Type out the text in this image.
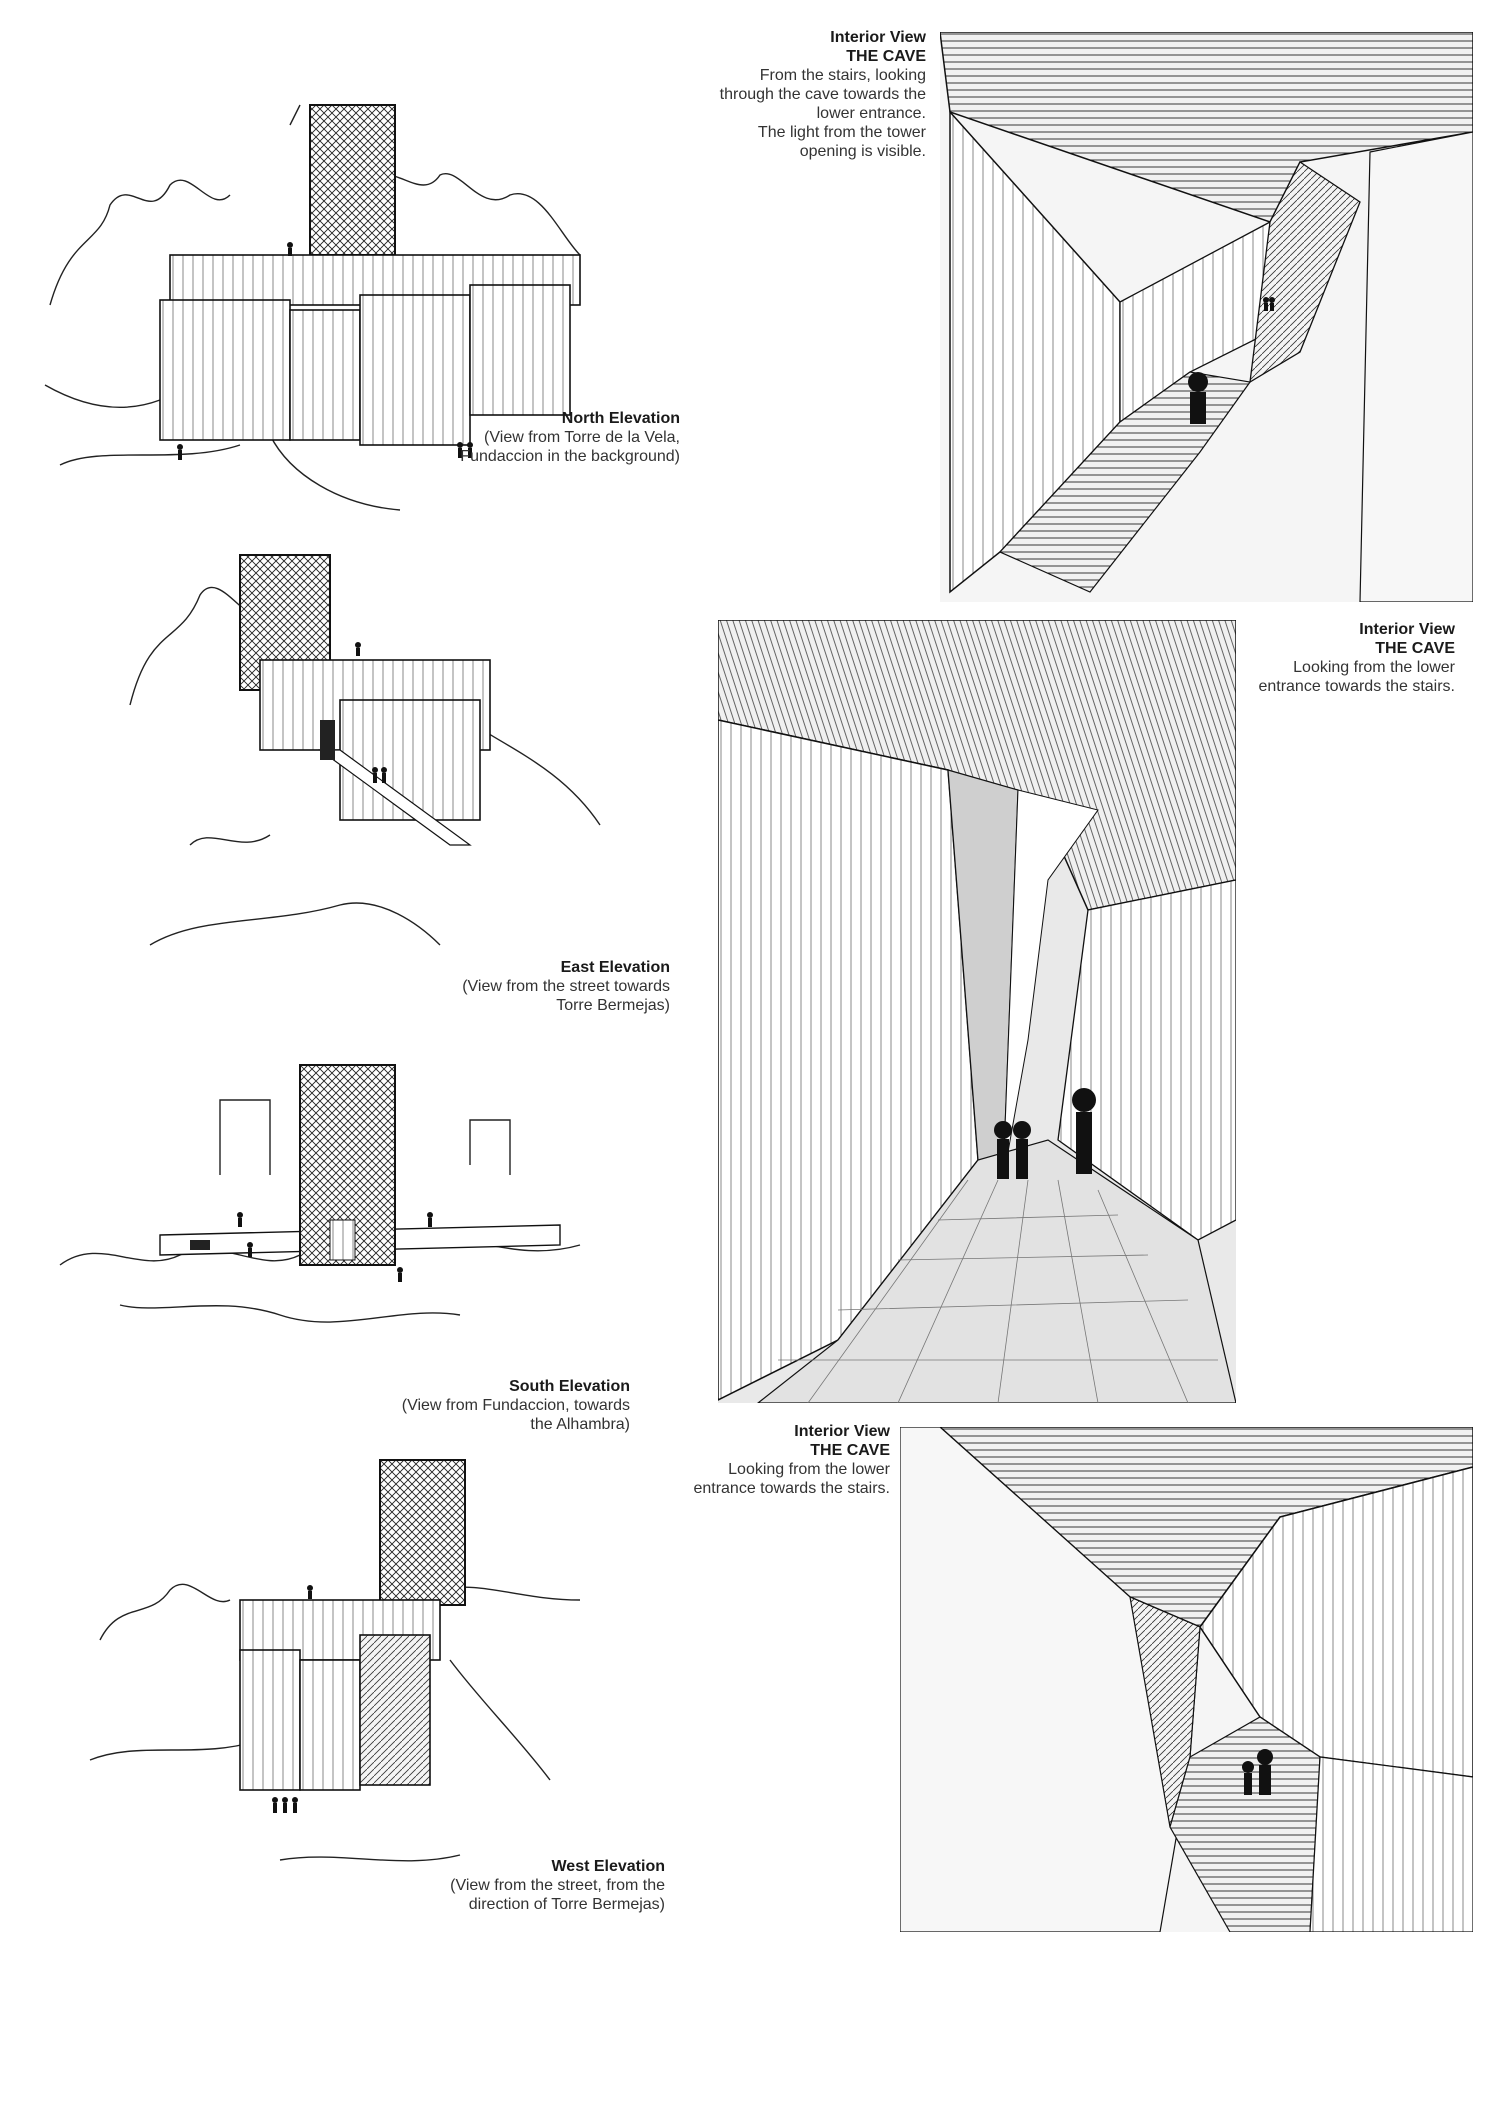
North Elevation
(View from Torre de la Vela,
Fundaccion in the background)
East Elevation
(View from the street towards
Torre Bermejas)
South Elevation
(View from Fundaccion, towards
the Alhambra)
West Elevation
(View from the street, from the
direction of Torre Bermejas)
Interior View
THE CAVE
From the stairs, looking
through the cave towards the
lower entrance.
The light from the tower
opening is visible.
Interior View
THE CAVE
Looking from the lower
entrance towards the stairs.
Interior View
THE CAVE
Looking from the lower
entrance towards the stairs.
